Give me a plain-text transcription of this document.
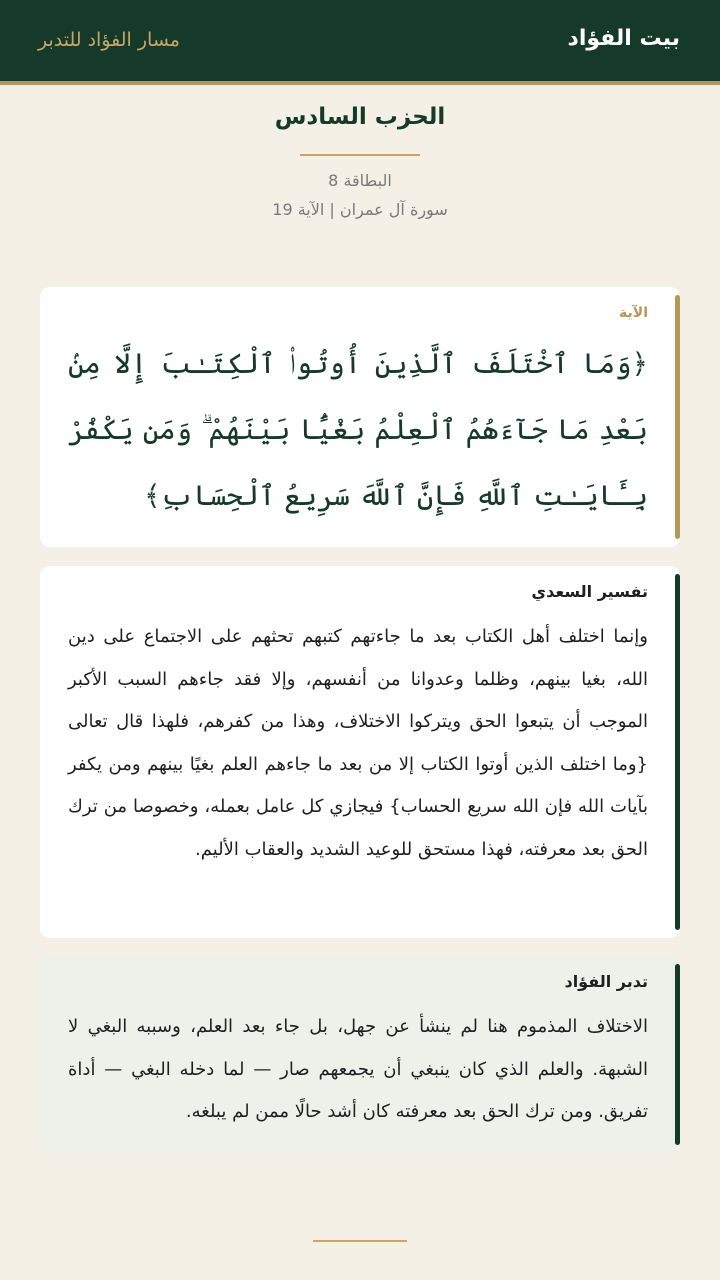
بيت الفؤاد
مسار الفؤاد للتدبر
الحزب السادس
البطاقة 8
سورة آل عمران | الآية 19
الآية
﴿وَمَا ٱخْتَلَفَ ٱلَّذِينَ أُوتُوا۟ ٱلْكِتَـٰبَ إِلَّا مِنۢ بَعْدِ مَا جَآءَهُمُ ٱلْعِلْمُ بَغْيًۢا بَيْنَهُمْ ۗ وَمَن يَكْفُرْ بِـَٔايَـٰتِ ٱللَّهِ فَإِنَّ ٱللَّهَ سَرِيعُ ٱلْحِسَابِ﴾
تفسير السعدي
وإنما اختلف أهل الكتاب بعد ما جاءتهم كتبهم تحثهم على الاجتماع على دين الله، بغيا بينهم، وظلما وعدوانا من أنفسهم، وإلا فقد جاءهم السبب الأكبر الموجب أن يتبعوا الحق ويتركوا الاختلاف، وهذا من كفرهم، فلهذا قال تعالى {وما اختلف الذين أوتوا الكتاب إلا من بعد ما جاءهم العلم بغيًا بينهم ومن يكفر بآيات الله فإن الله سريع الحساب} فيجازي كل عامل بعمله، وخصوصا من ترك الحق بعد معرفته، فهذا مستحق للوعيد الشديد والعقاب الأليم.
تدبر الفؤاد
الاختلاف المذموم هنا لم ينشأ عن جهل، بل جاء بعد العلم، وسببه البغي لا الشبهة. والعلم الذي كان ينبغي أن يجمعهم صار — لما دخله البغي — أداة تفريق. ومن ترك الحق بعد معرفته كان أشد حالًا ممن لم يبلغه.
